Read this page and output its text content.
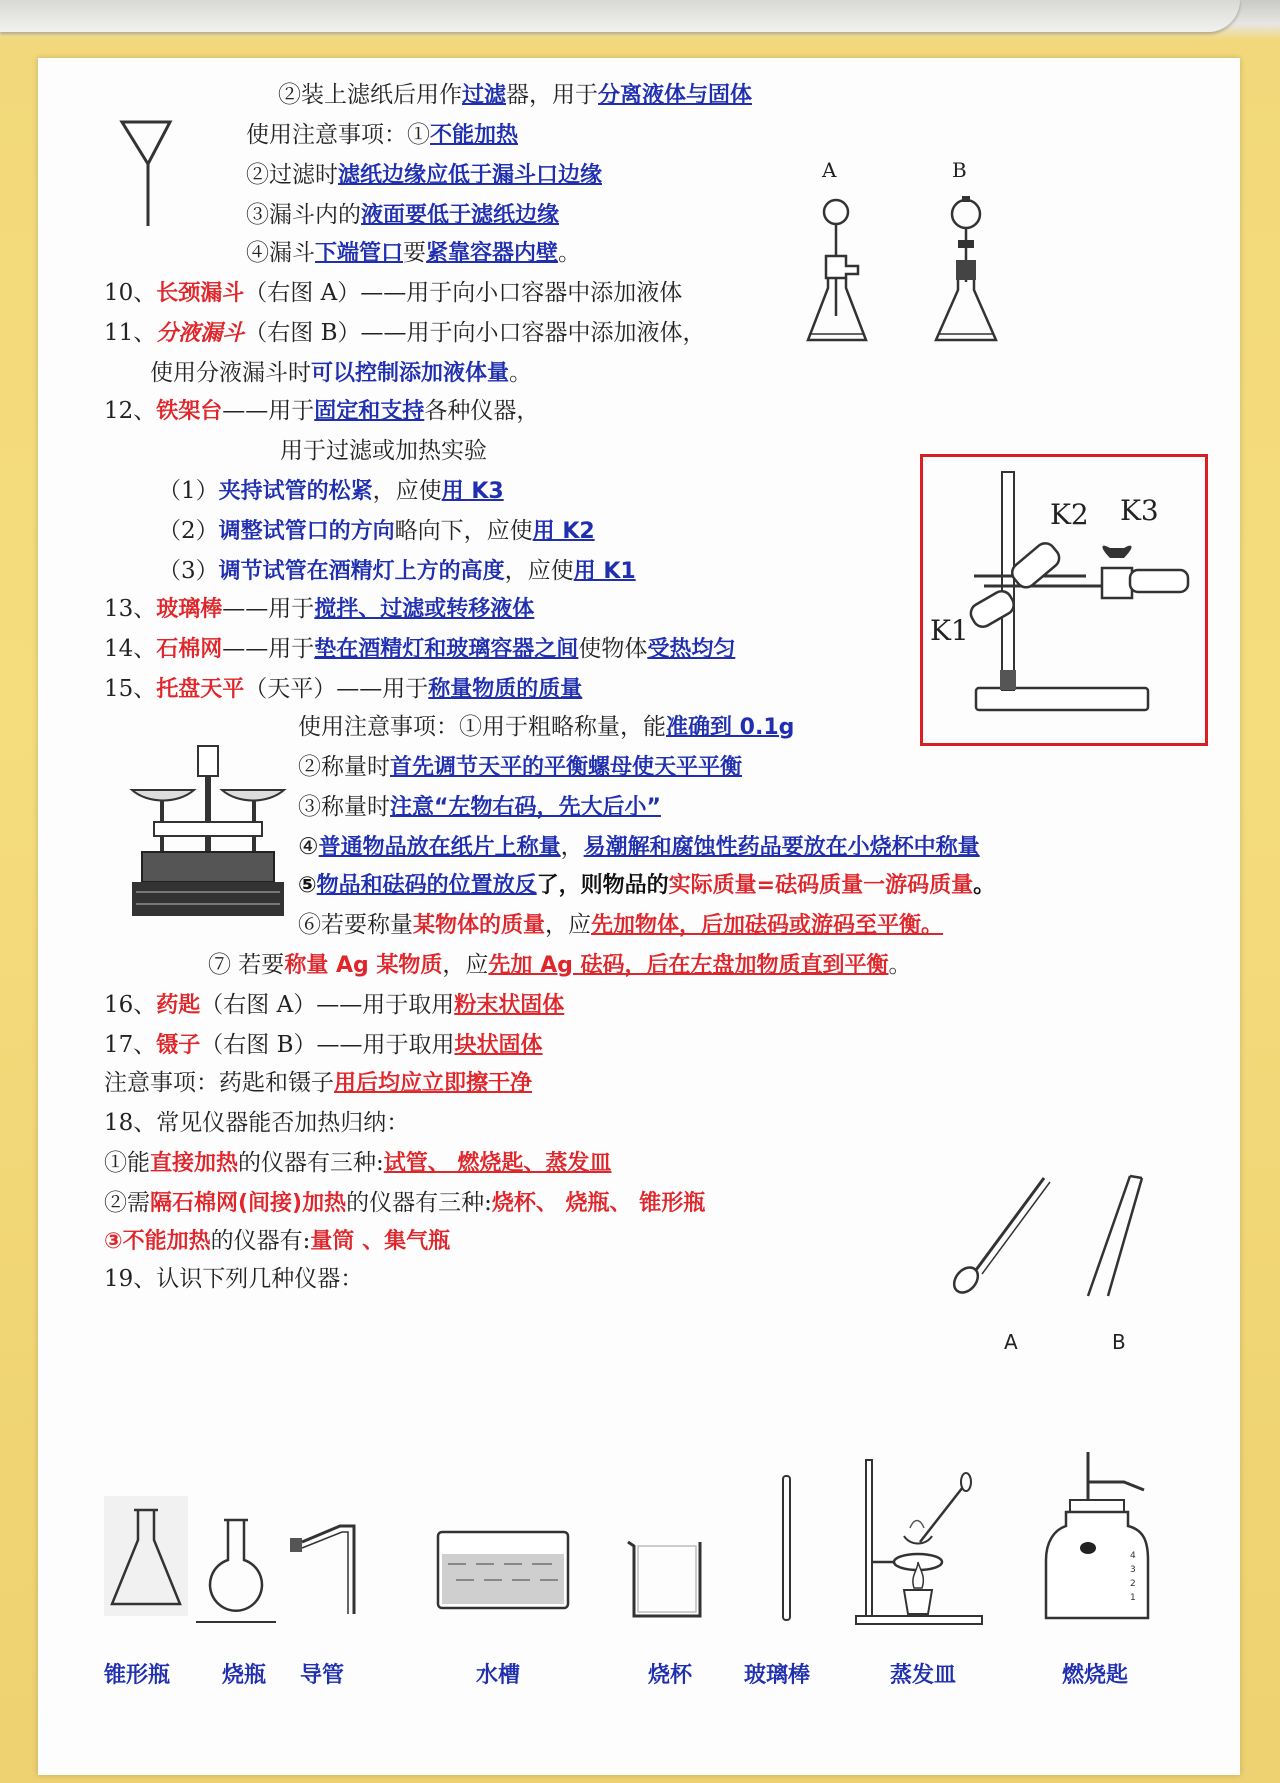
②装上滤纸后用作过滤器，用于分离液体与固体
使用注意事项：①不能加热
②过滤时滤纸边缘应低于漏斗口边缘
③漏斗内的液面要低于滤纸边缘
④漏斗下端管口要紧靠容器内壁。
A	B
10、长颈漏斗（右图 A）——用于向小口容器中添加液体
11、分液漏斗（右图 B）——用于向小口容器中添加液体，
使用分液漏斗时可以控制添加液体量。
12、铁架台——用于固定和支持各种仪器，
用于过滤或加热实验
（1）夹持试管的松紧，应使用 K3
（2）调整试管口的方向略向下，应使用 K2
（3）调节试管在酒精灯上方的高度，应使用 K1
K2 K3
K1
13、玻璃棒——用于搅拌、过滤或转移液体
14、石棉网——用于垫在酒精灯和玻璃容器之间使物体受热均匀
15、托盘天平（天平）——用于称量物质的质量
使用注意事项：①用于粗略称量，能准确到 0.1g
②称量时首先调节天平的平衡螺母使天平平衡
③称量时注意“左物右码，先大后小”
④普通物品放在纸片上称量，易潮解和腐蚀性药品要放在小烧杯中称量
⑤物品和砝码的位置放反了，则物品的实际质量=砝码质量一游码质量。
⑥若要称量某物体的质量，应先加物体，后加砝码或游码至平衡。
⑦ 若要称量 Ag 某物质，应先加 Ag 砝码，后在左盘加物质直到平衡。
16、药匙（右图 A）——用于取用粉末状固体
17、镊子（右图 B）——用于取用块状固体
注意事项：药匙和镊子用后均应立即擦干净
A	B
18、常见仪器能否加热归纳：
①能直接加热的仪器有三种:试管、 燃烧匙、蒸发皿
②需隔石棉网(间接)加热的仪器有三种:烧杯、 烧瓶、 锥形瓶
③不能加热的仪器有:量筒 、集气瓶
19、认识下列几种仪器：
4
3
2
1
锥形瓶 烧瓶 导管	水槽	烧杯 玻璃棒	蒸发皿	燃烧匙
